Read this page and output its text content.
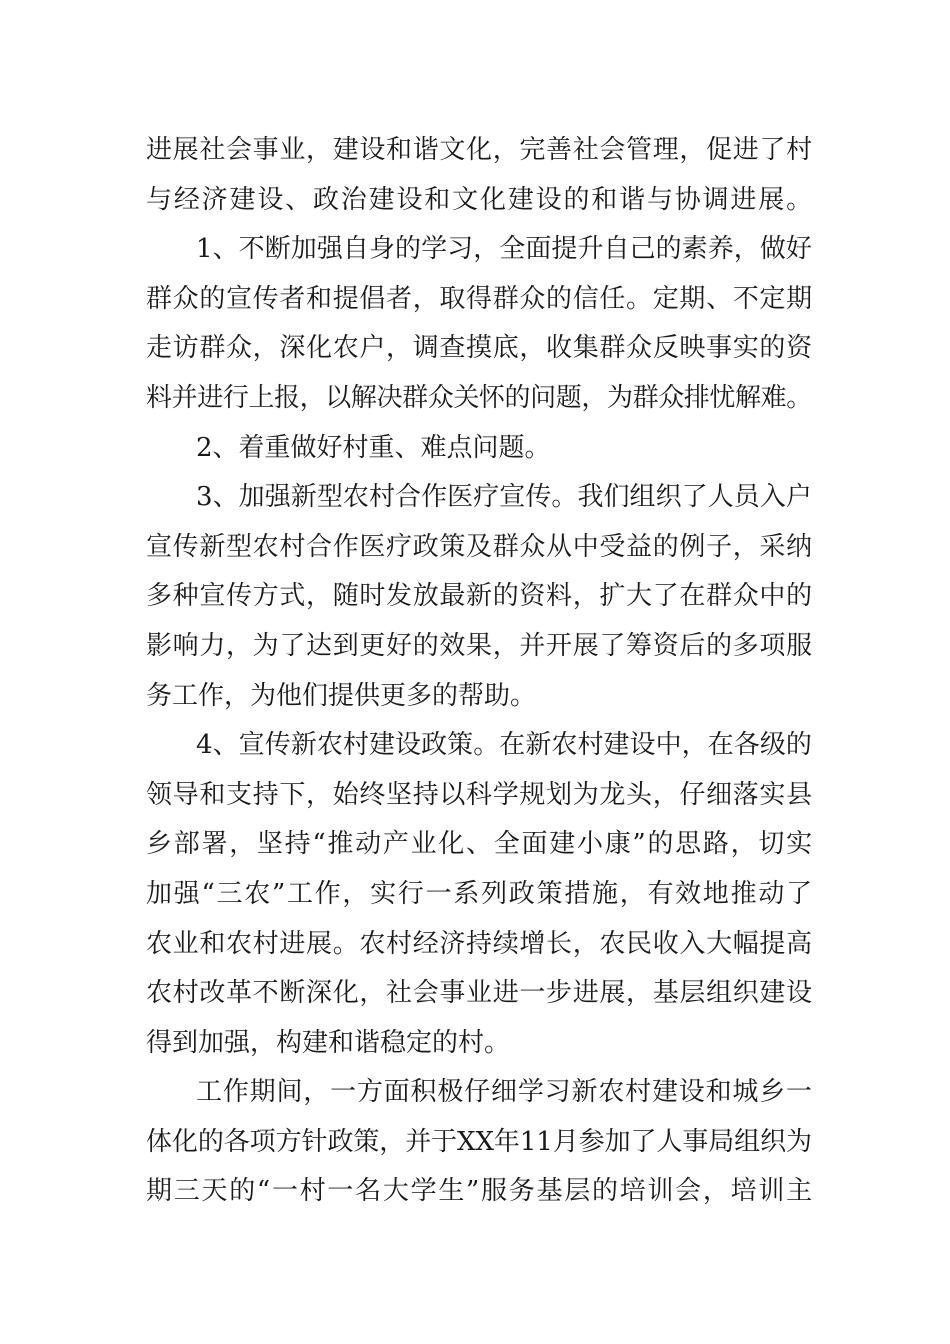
进展社会事业，建设和谐文化，完善社会管理，促进了村
与经济建设、政治建设和文化建设的和谐与协调进展。
1、不断加强自身的学习，全面提升自己的素养，做好
群众的宣传者和提倡者，取得群众的信任。定期、不定期
走访群众，深化农户，调查摸底，收集群众反映事实的资
料并进行上报，以解决群众关怀的问题，为群众排忧解难。
2、着重做好村重、难点问题。
3、加强新型农村合作医疗宣传。我们组织了人员入户
宣传新型农村合作医疗政策及群众从中受益的例子，采纳
多种宣传方式，随时发放最新的资料，扩大了在群众中的
影响力，为了达到更好的效果，并开展了筹资后的多项服
务工作，为他们提供更多的帮助。
4、宣传新农村建设政策。在新农村建设中，在各级的
领导和支持下，始终坚持以科学规划为龙头，仔细落实县
乡部署，坚持“推动产业化、全面建小康”的思路，切实
加强“三农”工作，实行一系列政策措施，有效地推动了
农业和农村进展。农村经济持续增长，农民收入大幅提高
农村改革不断深化，社会事业进一步进展，基层组织建设
得到加强，构建和谐稳定的村。
工作期间，一方面积极仔细学习新农村建设和城乡一
体化的各项方针政策，并于XX年11月参加了人事局组织为
期三天的“一村一名大学生”服务基层的培训会，培训主
